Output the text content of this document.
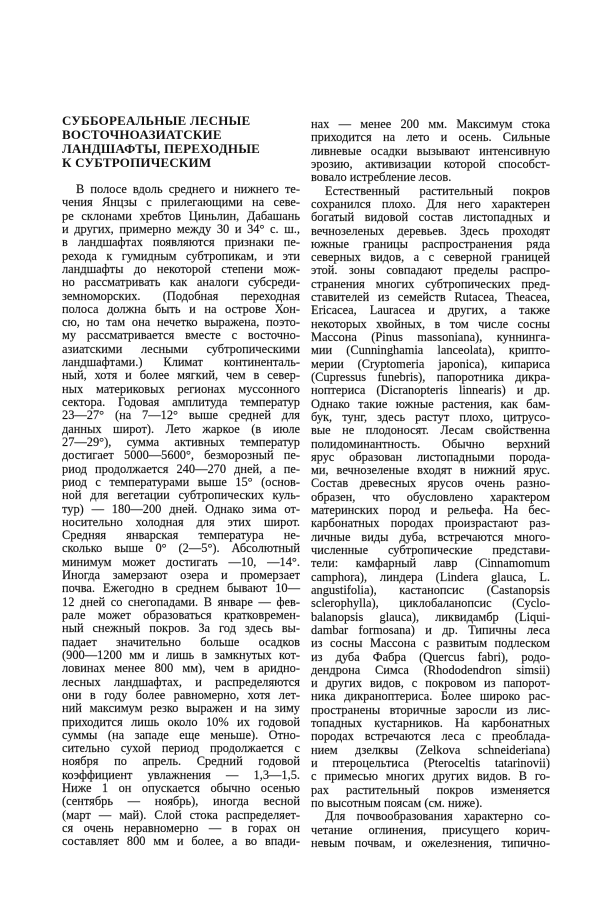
СУББОРЕАЛЬНЫЕ ЛЕСНЫЕ
ВОСТОЧНОАЗИАТСКИЕ
ЛАНДШАФТЫ, ПЕРЕХОДНЫЕ
К СУБТРОПИЧЕСКИМ
В полосе вдоль среднего и нижнего те-
чения Янцзы с прилегающими на севе-
ре склонами хребтов Циньлин, Дабашань
и других, примерно между 30 и 34° с. ш.,
в ландшафтах появляются признаки пе-
рехода к гумидным субтропикам, и эти
ландшафты до некоторой степени мож-
но рассматривать как аналоги субсреди-
земноморских. (Подобная переходная
полоса должна быть и на острове Хон-
сю, но там она нечетко выражена, поэто-
му рассматривается вместе с восточно-
азиатскими лесными субтропическими
ландшафтами.) Климат континенталь-
ный, хотя и более мягкий, чем в север-
ных материковых регионах муссонного
сектора. Годовая амплитуда температур
23—27° (на 7—12° выше средней для
данных широт). Лето жаркое (в июле
27—29°), сумма активных температур
достигает 5000—5600°, безморозный пе-
риод продолжается 240—270 дней, а пе-
риод с температурами выше 15° (основ-
ной для вегетации субтропических куль-
тур) — 180—200 дней. Однако зима от-
носительно холодная для этих широт.
Средняя январская температура не-
сколько выше 0° (2—5°). Абсолютный
минимум может достигать —10, —14°.
Иногда замерзают озера и промерзает
почва. Ежегодно в среднем бывают 10—
12 дней со снегопадами. В январе — фев-
рале может образоваться кратковремен-
ный снежный покров. За год здесь вы-
падает значительно больше осадков
(900—1200 мм и лишь в замкнутых кот-
ловинах менее 800 мм), чем в аридно-
лесных ландшафтах, и распределяются
они в году более равномерно, хотя лет-
ний максимум резко выражен и на зиму
приходится лишь около 10% их годовой
суммы (на западе еще меньше). Отно-
сительно сухой период продолжается с
ноября по апрель. Средний годовой
коэффициент увлажнения — 1,3—1,5.
Ниже 1 он опускается обычно осенью
(сентябрь — ноябрь), иногда весной
(март — май). Слой стока распределяет-
ся очень неравномерно — в горах он
составляет 800 мм и более, а во впади-
нах — менее 200 мм. Максимум стока
приходится на лето и осень. Сильные
ливневые осадки вызывают интенсивную
эрозию, активизации которой способст-
вовало истребление лесов.
Естественный растительный покров
сохранился плохо. Для него характерен
богатый видовой состав листопадных и
вечнозеленых деревьев. Здесь проходят
южные границы распространения ряда
северных видов, а с северной границей
этой. зоны совпадают пределы распро-
странения многих субтропических пред-
ставителей из семейств Rutacea, Theacea,
Ericacea, Lauracea и других, а также
некоторых хвойных, в том числе сосны
Массона (Pinus massoniana), куннинга-
мии (Cunninghamia lanceolata), крипто-
мерии (Cryptomeria japonica), кипариса
(Cupressus funebris), папоротника дикра-
ноптериса (Dicranopteris linnearis) и др.
Однако такие южные растения, как бам-
бук, тунг, здесь растут плохо, цитрусо-
вые не плодоносят. Лесам свойственна
полидоминантность. Обычно верхний
ярус образован листопадными порода-
ми, вечнозеленые входят в нижний ярус.
Состав древесных ярусов очень разно-
образен, что обусловлено характером
материнских пород и рельефа. На бес-
карбонатных породах произрастают раз-
личные виды дуба, встречаются много-
численные субтропические представи-
тели: камфарный лавр (Cinnamomum
camphora), линдера (Lindera glauca, L.
angustifolia), кастанопсис (Castanopsis
sclerophylla), циклобаланопсис (Cyclo-
balanopsis glauca), ликвидамбр (Liqui-
dambar formosana) и др. Типичны леса
из сосны Массона с развитым подлеском
из дуба Фабра (Quercus fabri), родо-
дендрона Симса (Rhododendron simsii)
и других видов, с покровом из папорот-
ника дикраноптериса. Более широко рас-
пространены вторичные заросли из лис-
топадных кустарников. На карбонатных
породах встречаются леса с преоблада-
нием дзелквы (Zelkova schneideriana)
и птероцельтиса (Pteroceltis tatarinovii)
с примесью многих других видов. В го-
рах растительный покров изменяется
по высотным поясам (см. ниже).
Для почвообразования характерно со-
четание оглинения, присущего корич-
невым почвам, и ожелезнения, типично-
